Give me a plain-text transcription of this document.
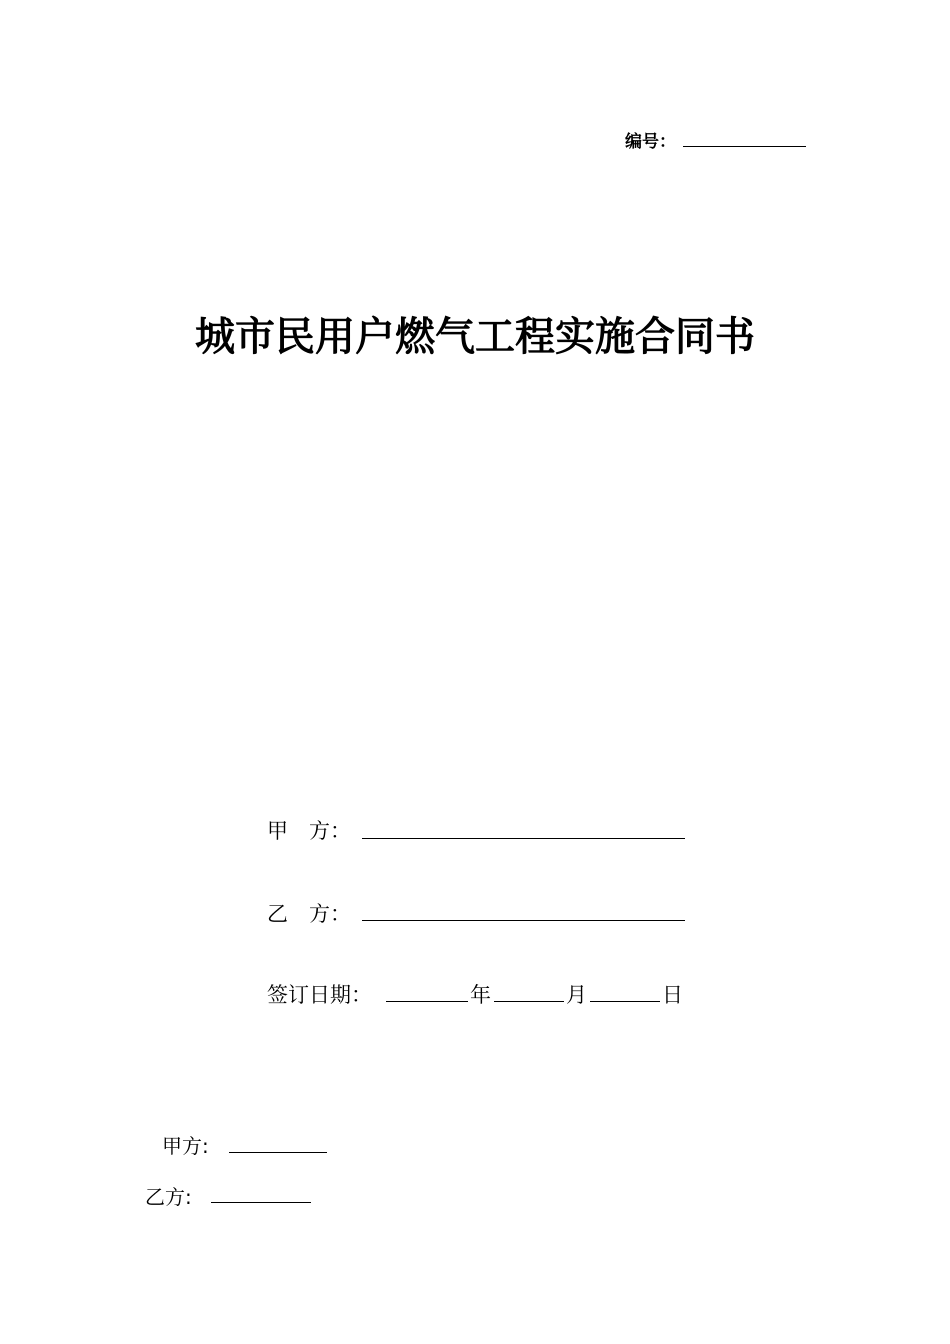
编号：
城市民用户燃气工程实施合同书
甲　方：
乙　方：
签订日期：	年	月	日
甲方:
乙方:
